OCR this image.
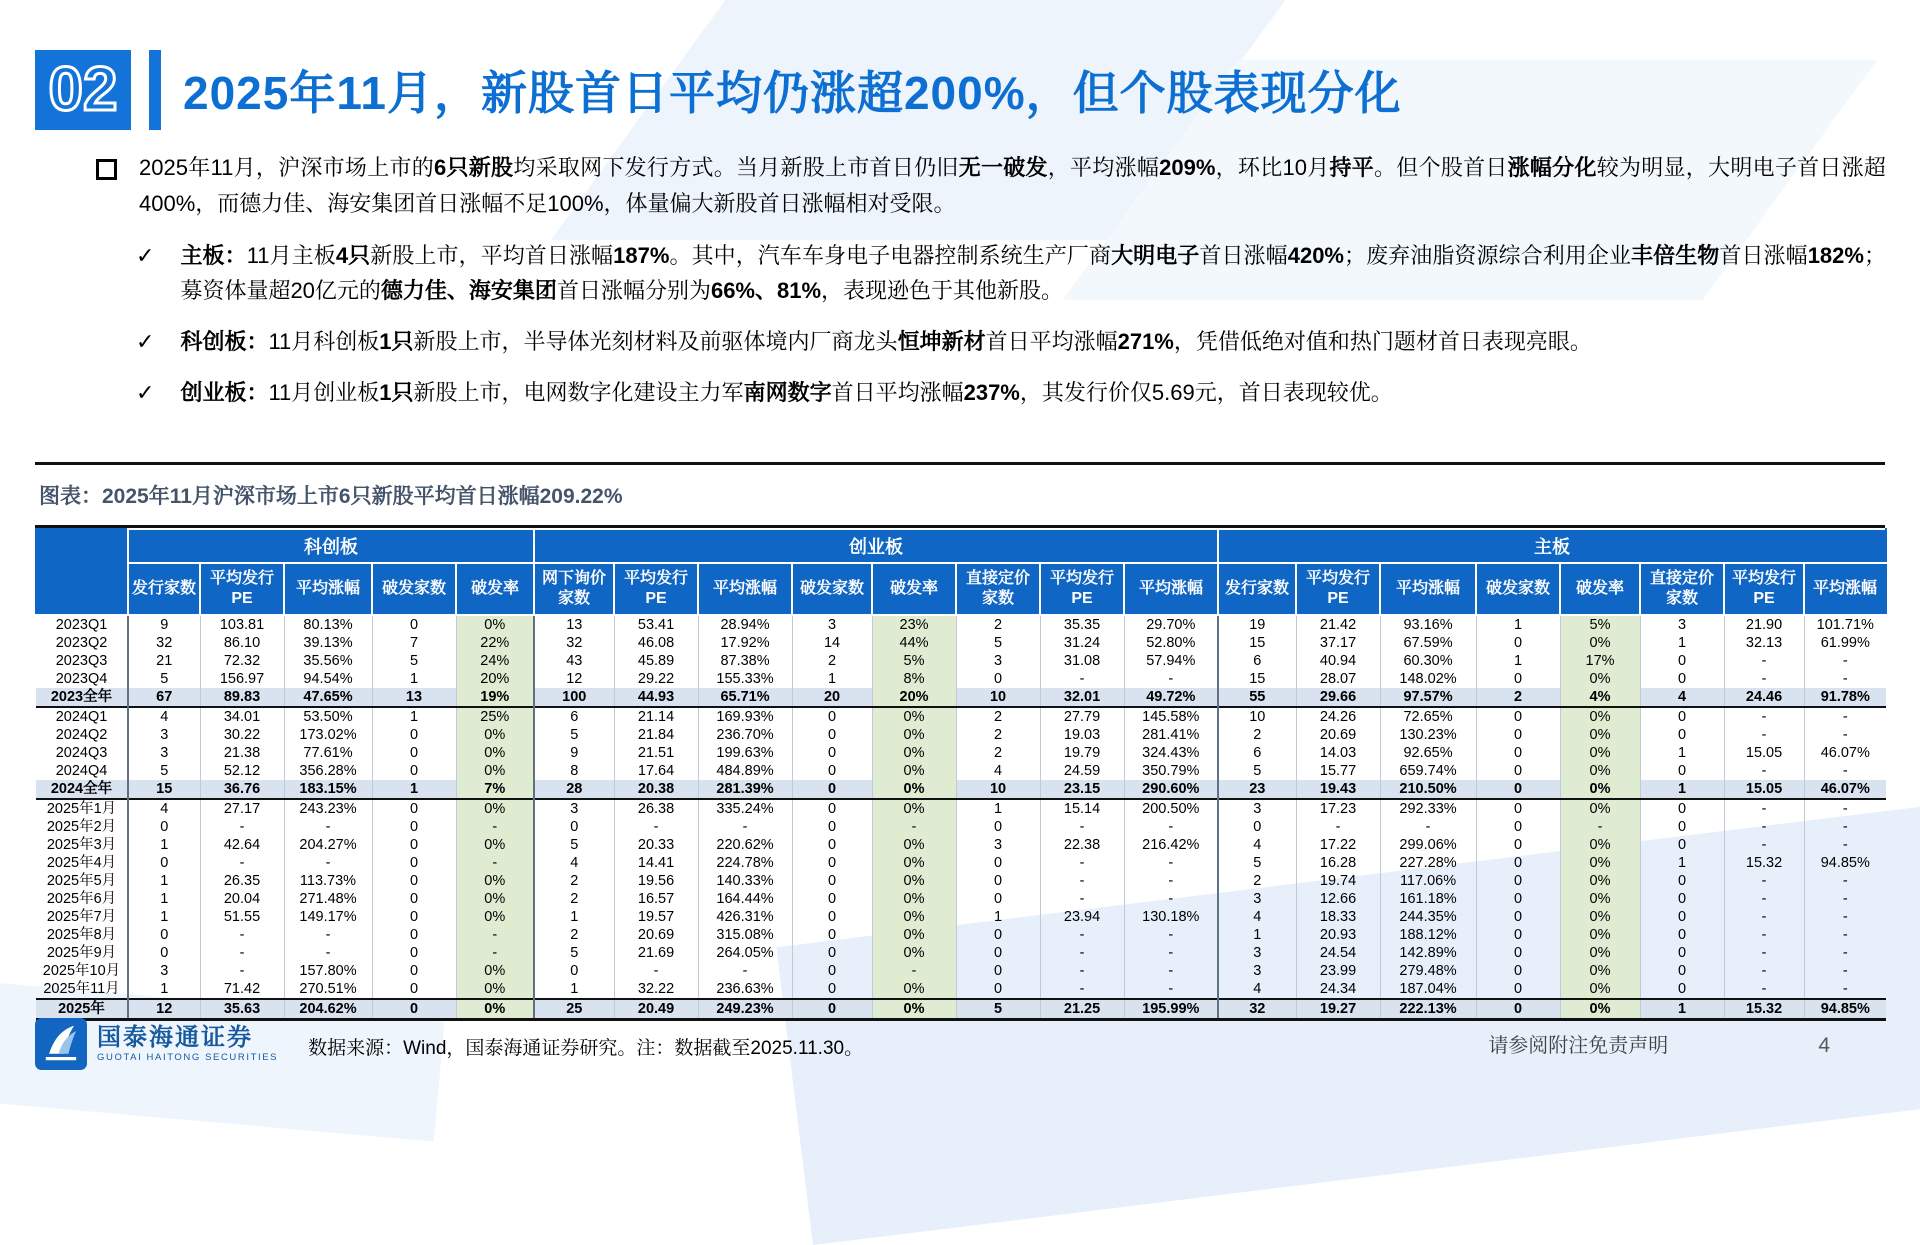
02 2025年11月，新股首日平均仍涨超200%，但个股表现分化
2025年11月，沪深市场上市的6只新股均采取网下发行方式。当月新股上市首日仍旧无一破发，平均涨幅209%，环比10月持平。但个股首日涨幅分化较为明显，大明电子首日涨超400%，而德力佳、海安集团首日涨幅不足100%，体量偏大新股首日涨幅相对受限。
✓ 主板：11月主板4只新股上市，平均首日涨幅187%。其中，汽车车身电子电器控制系统生产厂商大明电子首日涨幅420%；废弃油脂资源综合利用企业丰倍生物首日涨幅182%；募资体量超20亿元的德力佳、海安集团首日涨幅分别为66%、81%，表现逊色于其他新股。
✓ 科创板：11月科创板1只新股上市，半导体光刻材料及前驱体境内厂商龙头恒坤新材首日平均涨幅271%，凭借低绝对值和热门题材首日表现亮眼。
✓ 创业板：11月创业板1只新股上市，电网数字化建设主力军南网数字首日平均涨幅237%，其发行价仅5.69元，首日表现较优。
图表：2025年11月沪深市场上市6只新股平均首日涨幅209.22%
	科创板					创业板								主板							
	发行家数	平均发行PE	平均涨幅	破发家数	破发率	网下询价家数	平均发行PE	平均涨幅	破发家数	破发率	直接定价家数	平均发行PE	平均涨幅	发行家数	平均发行PE	平均涨幅	破发家数	破发率	直接定价家数	平均发行PE	平均涨幅
2023Q1	9	103.81	80.13%	0	0%	13	53.41	28.94%	3	23%	2	35.35	29.70%	19	21.42	93.16%	1	5%	3	21.90	101.71%
2023Q2	32	86.10	39.13%	7	22%	32	46.08	17.92%	14	44%	5	31.24	52.80%	15	37.17	67.59%	0	0%	1	32.13	61.99%
2023Q3	21	72.32	35.56%	5	24%	43	45.89	87.38%	2	5%	3	31.08	57.94%	6	40.94	60.30%	1	17%	0	-	-
2023Q4	5	156.97	94.54%	1	20%	12	29.22	155.33%	1	8%	0	-	-	15	28.07	148.02%	0	0%	0	-	-
2023全年	67	89.83	47.65%	13	19%	100	44.93	65.71%	20	20%	10	32.01	49.72%	55	29.66	97.57%	2	4%	4	24.46	91.78%
2024Q1	4	34.01	53.50%	1	25%	6	21.14	169.93%	0	0%	2	27.79	145.58%	10	24.26	72.65%	0	0%	0	-	-
2024Q2	3	30.22	173.02%	0	0%	5	21.84	236.70%	0	0%	2	19.03	281.41%	2	20.69	130.23%	0	0%	0	-	-
2024Q3	3	21.38	77.61%	0	0%	9	21.51	199.63%	0	0%	2	19.79	324.43%	6	14.03	92.65%	0	0%	1	15.05	46.07%
2024Q4	5	52.12	356.28%	0	0%	8	17.64	484.89%	0	0%	4	24.59	350.79%	5	15.77	659.74%	0	0%	0	-	-
2024全年	15	36.76	183.15%	1	7%	28	20.38	281.39%	0	0%	10	23.15	290.60%	23	19.43	210.50%	0	0%	1	15.05	46.07%
2025年1月	4	27.17	243.23%	0	0%	3	26.38	335.24%	0	0%	1	15.14	200.50%	3	17.23	292.33%	0	0%	0	-	-
2025年2月	0	-	-	0	-	0	-	-	0	-	0	-	-	0	-	-	0	-	0	-	-
2025年3月	1	42.64	204.27%	0	0%	5	20.33	220.62%	0	0%	3	22.38	216.42%	4	17.22	299.06%	0	0%	0	-	-
2025年4月	0	-	-	0	-	4	14.41	224.78%	0	0%	0	-	-	5	16.28	227.28%	0	0%	1	15.32	94.85%
2025年5月	1	26.35	113.73%	0	0%	2	19.56	140.33%	0	0%	0	-	-	2	19.74	117.06%	0	0%	0	-	-
2025年6月	1	20.04	271.48%	0	0%	2	16.57	164.44%	0	0%	0	-	-	3	12.66	161.18%	0	0%	0	-	-
2025年7月	1	51.55	149.17%	0	0%	1	19.57	426.31%	0	0%	1	23.94	130.18%	4	18.33	244.35%	0	0%	0	-	-
2025年8月	0	-	-	0	-	2	20.69	315.08%	0	0%	0	-	-	1	20.93	188.12%	0	0%	0	-	-
2025年9月	0	-	-	0	-	5	21.69	264.05%	0	0%	0	-	-	3	24.54	142.89%	0	0%	0	-	-
2025年10月	3	-	157.80%	0	0%	0	-	-	0	-	0	-	-	3	23.99	279.48%	0	0%	0	-	-
2025年11月	1	71.42	270.51%	0	0%	1	32.22	236.63%	0	0%	0	-	-	4	24.34	187.04%	0	0%	0	-	-
2025年	12	35.63	204.62%	0	0%	25	20.49	249.23%	0	0%	5	21.25	195.99%	32	19.27	222.13%	0	0%	1	15.32	94.85%
国泰海通证券
GUOTAI HAITONG SECURITIES 数据来源：Wind，国泰海通证券研究。注：数据截至2025.11.30。	请参阅附注免责声明	4
